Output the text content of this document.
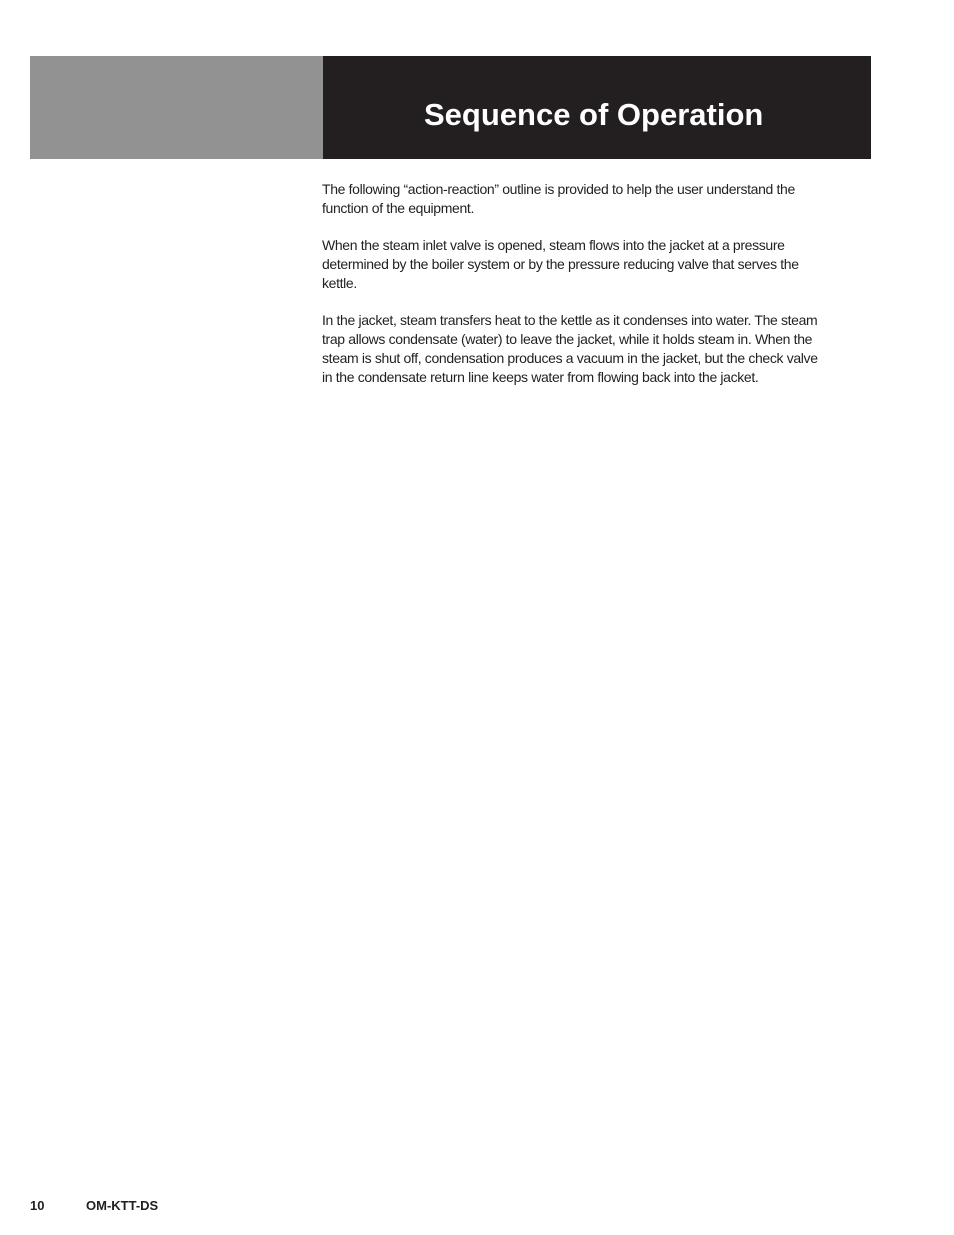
Sequence of Operation

The following “action-reaction” outline is provided to help the user understand the
function of the equipment.

When the steam inlet valve is opened, steam flows into the jacket at a pressure
determined by the boiler system or by the pressure reducing valve that serves the
kettle.

In the jacket, steam transfers heat to the kettle as it condenses into water. The steam
trap allows condensate (water) to leave the jacket, while it holds steam in. When the
steam is shut off, condensation produces a vacuum in the jacket, but the check valve
in the condensate return line keeps water from flowing back into the jacket.

10	OM-KTT-DS
